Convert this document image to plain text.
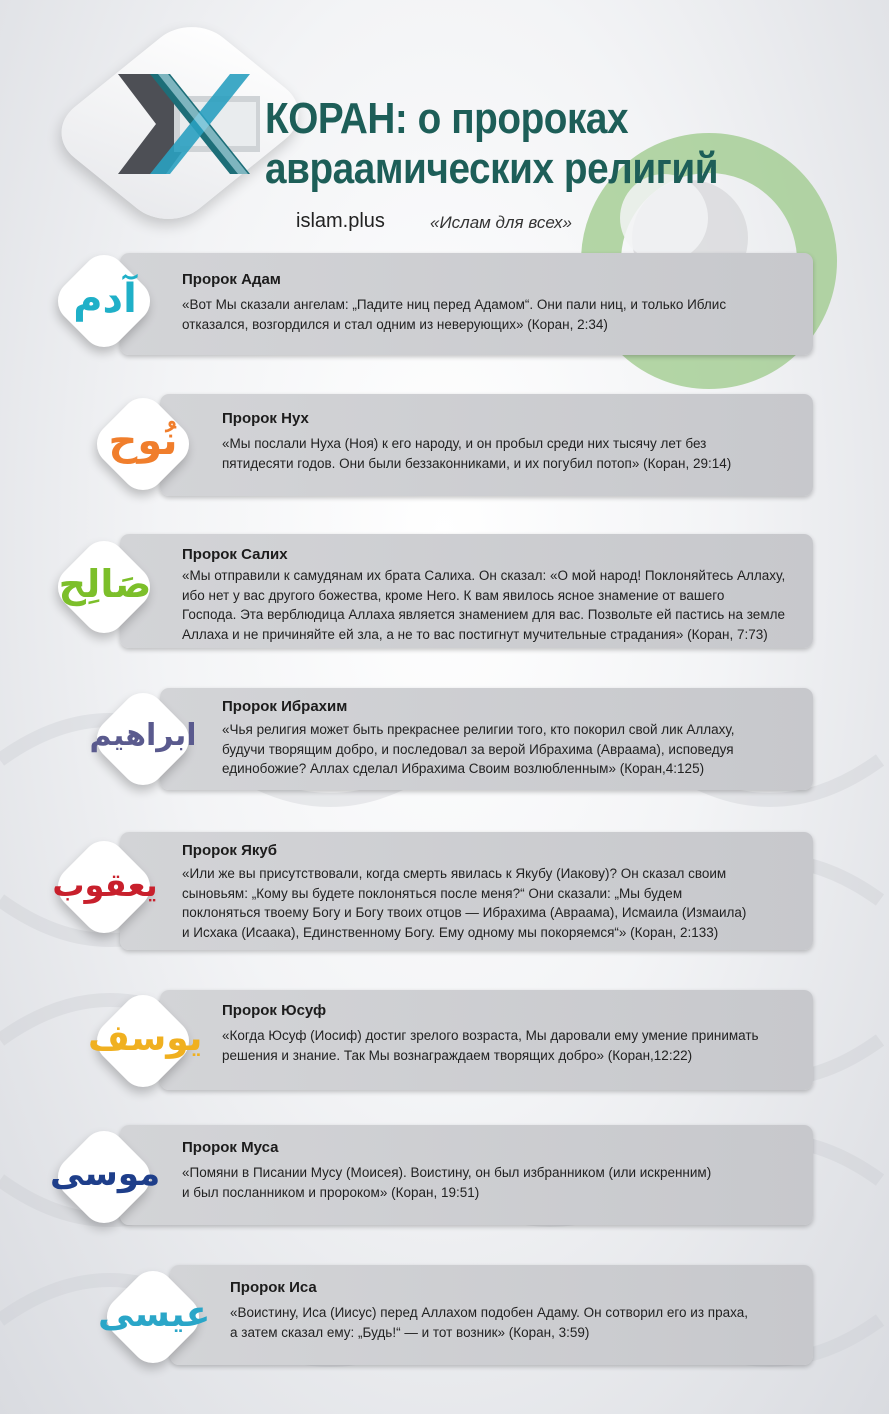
КОРАН: о пророках
авраамических религий
islam.plus	«Ислам для всех»
Пророк Адам
«Вот Мы сказали ангелам: „Падите ниц перед Адамом“. Они пали ниц, и только Иблис
отказался, возгордился и стал одним из неверующих» (Коран, 2:34)
آدم
Пророк Нух
«Мы послали Нуха (Ноя) к его народу, и он пробыл среди них тысячу лет без
пятидесяти годов. Они были беззаконниками, и их погубил потоп» (Коран, 29:14)
نُوح
Пророк Салих
«Мы отправили к самудянам их брата Салиха. Он сказал: «О мой народ! Поклоняйтесь Аллаху,
ибо нет у вас другого божества, кроме Него. К вам явилось ясное знамение от вашего
Господа. Эта верблюдица Аллаха является знамением для вас. Позвольте ей пастись на земле
Аллаха и не причиняйте ей зла, а не то вас постигнут мучительные страдания» (Коран, 7:73)
صَالِح
Пророк Ибрахим
«Чья религия может быть прекраснее религии того, кто покорил свой лик Аллаху,
будучи творящим добро, и последовал за верой Ибрахима (Авраама), исповедуя
единобожие? Аллах сделал Ибрахима Своим возлюбленным» (Коран,4:125)
ابراهيم
Пророк Якуб
«Или же вы присутствовали, когда смерть явилась к Якубу (Иакову)? Он сказал своим
сыновьям: „Кому вы будете поклоняться после меня?“ Они сказали: „Мы будем
поклоняться твоему Богу и Богу твоих отцов — Ибрахима (Авраама), Исмаила (Измаила)
и Исхака (Исаака), Единственному Богу. Ему одному мы покоряемся“» (Коран, 2:133)
يعقوب
Пророк Юсуф
«Когда Юсуф (Иосиф) достиг зрелого возраста, Мы даровали ему умение принимать
решения и знание. Так Мы вознаграждаем творящих добро» (Коран,12:22)
يوسف
Пророк Муса
«Помяни в Писании Мусу (Моисея). Воистину, он был избранником (или искренним)
и был посланником и пророком» (Коран, 19:51)
موسى
Пророк Иса
«Воистину, Иса (Иисус) перед Аллахом подобен Адаму. Он сотворил его из праха,
а затем сказал ему: „Будь!“ — и тот возник» (Коран, 3:59)
عيسى
